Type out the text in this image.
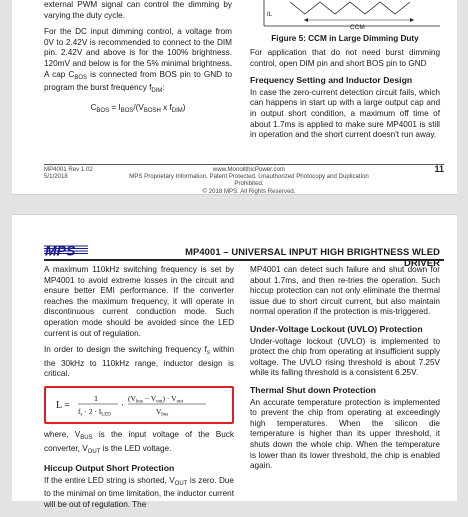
external PWM signal can control the dimming by varying the duty cycle.

For the DC input dimming control, a voltage from 0V to 2.42V is recommended to connect to the DIM pin. 2.42V and above is for the 100% brightness. 120mV and below is for the 5% minimal brightness. A cap $C_{BOS}$ is connected from BOS pin to GND to program the burst frequency $f_{DIM}$:

$C_{BOS} = I_{BOS}/(V_{BOSH}$ x $f_{DIM}$)
IL
CCM
Figure 5: CCM in Large Dimming Duty

For application that do not need burst dimming control, open DIM pin and short BOS pin to GND

Frequency Setting and Inductor Design

In case the zero-current detection circuit fails, which can happens in start up with a large output cap and in output short condition, a maximum off time of about 1.7ms is applied to make sure MP4001 is still in operation and the short current doesn't run away.

MP4001 Rev 1.02
5/1/2018
www.MonolithicPower.com
MPS Proprietary Information. Patent Protected. Unauthorized Photocopy and Duplication Prohibited.
© 2018 MPS. All Rights Reserved.
11
MPS	MP4001 – UNIVERSAL INPUT HIGH BRIGHTNESS WLED DRIVER

A maximum 110kHz switching frequency is set by MP4001 to avoid extreme losses in the circuit and ensure better EMI performance. If the converter reaches the maximum frequency, it will operate in discontinuous current conduction mode. Such operation mode should be avoided since the LED current is out of regulation.

In order to design the switching frequency $f_s$ within the 30kHz to 110kHz range, inductor design is critical.

L =
1
$f_s \cdot 2 \cdot I_{LED}$
·
$(V_{bus} - V_{out}) \cdot V_{out}$
$V_{bus}$

where, $V_{BUS}$ is the input voltage of the Buck converter, $V_{OUT}$ is the LED voltage.

Hiccup Output Short Protection

If the entire LED string is shorted, $V_{OUT}$ is zero. Due to the minimal on time limitation, the inductor current will be out of regulation. The

MP4001 can detect such failure and shut down for about 1.7ms, and then re-tries the operation. Such hiccup protection can not only eliminate the thermal issue due to short circuit current, but also maintain normal operation if the protection is mis-triggered.

Under-Voltage Lockout (UVLO) Protection

Under-voltage lockout (UVLO) is implemented to protect the chip from operating at insufficient supply voltage. The UVLO rising threshold is about 7.25V while its falling threshold is a consistent 6.25V.

Thermal Shut down Protection

An accurate temperature protection is implemented to prevent the chip from operating at exceedingly high temperatures. When the silicon die temperature is higher than its upper threshold, it shuts down the whole chip. When the temperature is lower than its lower threshold, the chip is enabled again.
